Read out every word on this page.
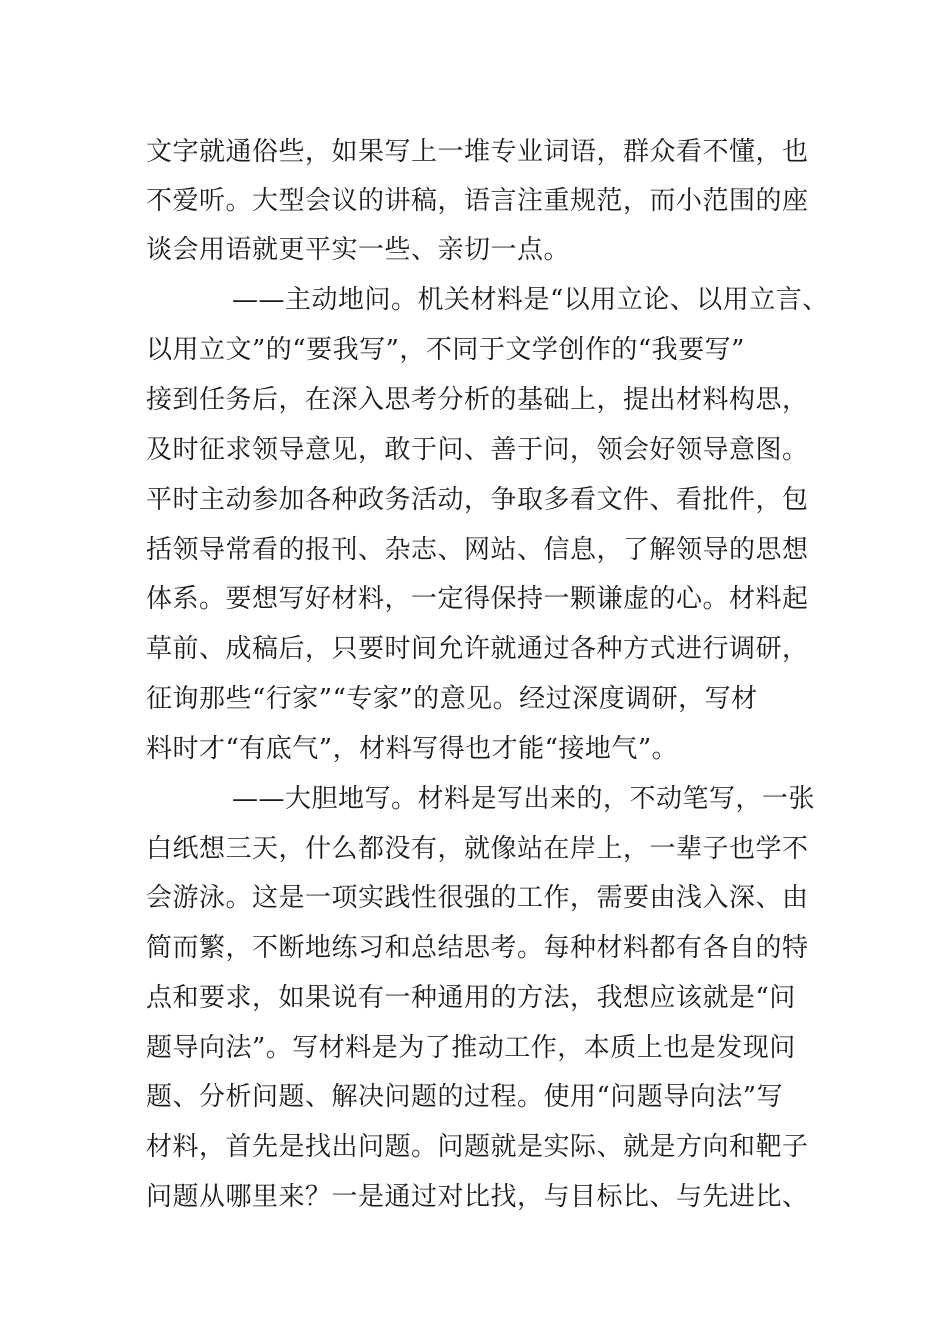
文字就通俗些，如果写上一堆专业词语，群众看不懂，也
不爱听。大型会议的讲稿，语言注重规范，而小范围的座
谈会用语就更平实一些、亲切一点。
——主动地问。机关材料是“以用立论、以用立言、
以用立文”的“要我写”，不同于文学创作的“我要写”
接到任务后，在深入思考分析的基础上，提出材料构思，
及时征求领导意见，敢于问、善于问，领会好领导意图。
平时主动参加各种政务活动，争取多看文件、看批件，包
括领导常看的报刊、杂志、网站、信息，了解领导的思想
体系。要想写好材料，一定得保持一颗谦虚的心。材料起
草前、成稿后，只要时间允许就通过各种方式进行调研，
征询那些“行家”“专家”的意见。经过深度调研，写材
料时才“有底气”，材料写得也才能“接地气”。
——大胆地写。材料是写出来的，不动笔写，一张
白纸想三天，什么都没有，就像站在岸上，一辈子也学不
会游泳。这是一项实践性很强的工作，需要由浅入深、由
简而繁，不断地练习和总结思考。每种材料都有各自的特
点和要求，如果说有一种通用的方法，我想应该就是“问
题导向法”。写材料是为了推动工作，本质上也是发现问
题、分析问题、解决问题的过程。使用“问题导向法”写
材料，首先是找出问题。问题就是实际、就是方向和靶子
问题从哪里来？一是通过对比找，与目标比、与先进比、
